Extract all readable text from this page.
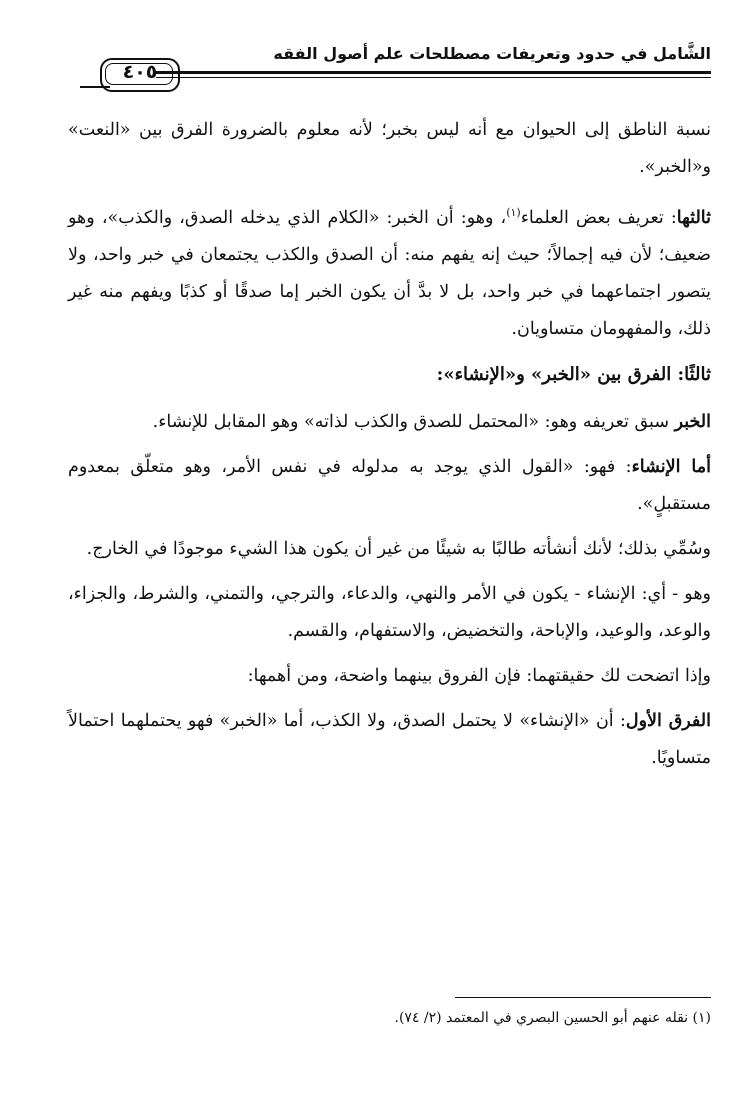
الشَّامل في حدود وتعريفات مصطلحات علم أصول الفقه
٤٠٥

نسبة الناطق إلى الحيوان مع أنه ليس بخبر؛ لأنه معلوم بالضرورة الفرق بين «النعت» و«الخبر».

ثالثها: تعريف بعض العلماء$^{(١)}$، وهو: أن الخبر: «الكلام الذي يدخله الصدق، والكذب»، وهو ضعيف؛ لأن فيه إجمالاً؛ حيث إنه يفهم منه: أن الصدق والكذب يجتمعان في خبر واحد، ولا يتصور اجتماعهما في خبر واحد، بل لا بدَّ أن يكون الخبر إما صدقًا أو كذبًا ويفهم منه غير ذلك، والمفهومان متساويان.

ثالثًا: الفرق بين «الخبر» و«الإنشاء»:

الخبر سبق تعريفه وهو: «المحتمل للصدق والكذب لذاته» وهو المقابل للإنشاء.

أما الإنشاء: فهو: «القول الذي يوجد به مدلوله في نفس الأمر، وهو متعلّق بمعدوم مستقبلٍ».

وسُمِّي بذلك؛ لأنك أنشأته طالبًا به شيئًا من غير أن يكون هذا الشيء موجودًا في الخارج.

وهو - أي: الإنشاء - يكون في الأمر والنهي، والدعاء، والترجي، والتمني، والشرط، والجزاء، والوعد، والوعيد، والإباحة، والتخضيض، والاستفهام، والقسم.

وإذا اتضحت لك حقيقتهما: فإن الفروق بينهما واضحة، ومن أهمها:

الفرق الأول: أن «الإنشاء» لا يحتمل الصدق، ولا الكذب، أما «الخبر» فهو يحتملهما احتمالاً متساويًا.

(١) نقله عنهم أبو الحسين البصري في المعتمد (٢/ ٧٤).
